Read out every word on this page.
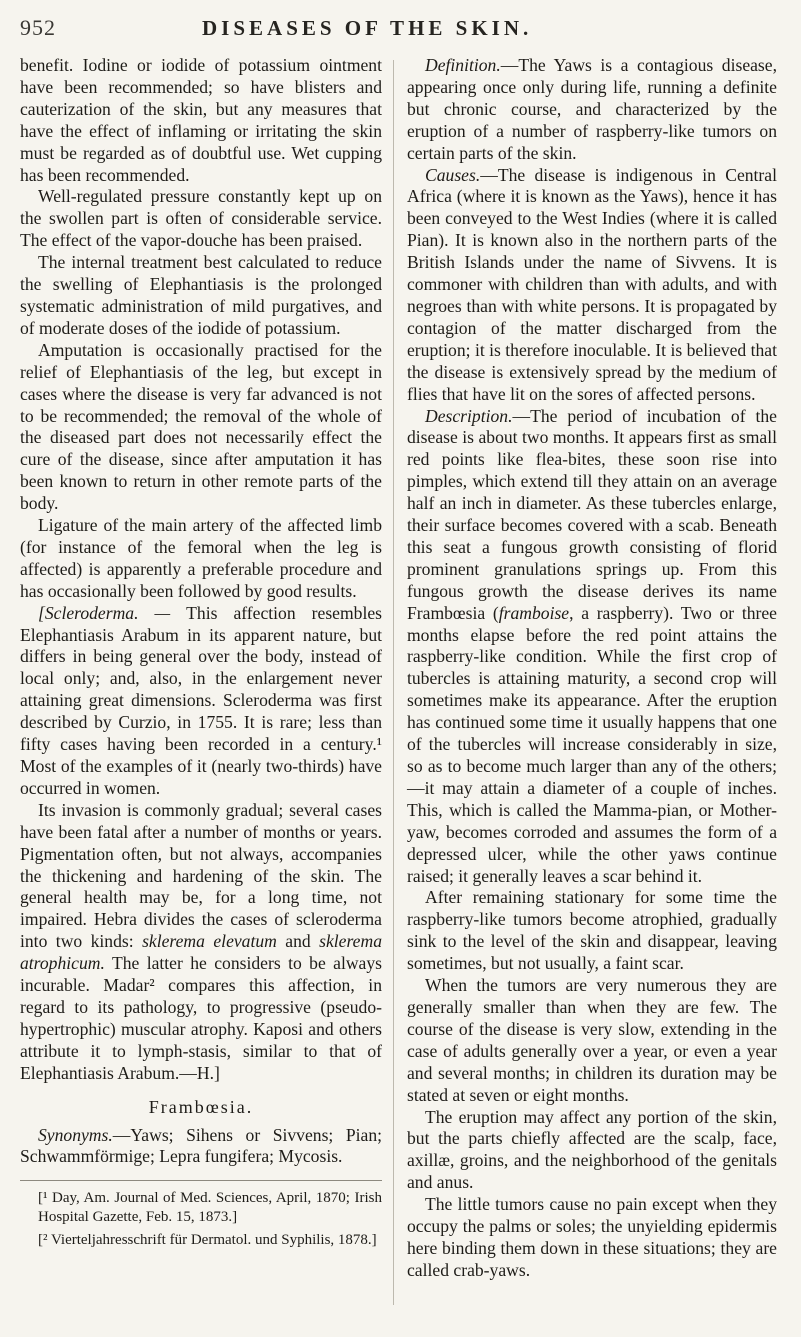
952	DISEASES OF THE SKIN.

benefit. Iodine or iodide of potassium ointment have been recommended; so have blisters and cauterization of the skin, but any measures that have the effect of inflaming or irritating the skin must be regarded as of doubtful use. Wet cupping has been recommended.

Well-regulated pressure constantly kept up on the swollen part is often of considerable service. The effect of the vapor-douche has been praised.

The internal treatment best calculated to reduce the swelling of Elephantiasis is the prolonged systematic administration of mild purgatives, and of moderate doses of the iodide of potassium.

Amputation is occasionally practised for the relief of Elephantiasis of the leg, but except in cases where the disease is very far advanced is not to be recommended; the removal of the whole of the diseased part does not necessarily effect the cure of the disease, since after amputation it has been known to return in other remote parts of the body.

Ligature of the main artery of the affected limb (for instance of the femoral when the leg is affected) is apparently a preferable procedure and has occasionally been followed by good results.

[Scleroderma. — This affection resembles Elephantiasis Arabum in its apparent nature, but differs in being general over the body, instead of local only; and, also, in the enlargement never attaining great dimensions. Scleroderma was first described by Curzio, in 1755. It is rare; less than fifty cases having been recorded in a century.¹ Most of the examples of it (nearly two-thirds) have occurred in women.

Its invasion is commonly gradual; several cases have been fatal after a number of months or years. Pigmentation often, but not always, accompanies the thickening and hardening of the skin. The general health may be, for a long time, not impaired. Hebra divides the cases of scleroderma into two kinds: sklerema elevatum and sklerema atrophicum. The latter he considers to be always incurable. Madar² compares this affection, in regard to its pathology, to progressive (pseudo-hypertrophic) muscular atrophy. Kaposi and others attribute it to lymph-stasis, similar to that of Elephantiasis Arabum.—H.]

Frambœsia.

Synonyms.—Yaws; Sihens or Sivvens; Pian; Schwammförmige; Lepra fungifera; Mycosis.

[¹ Day, Am. Journal of Med. Sciences, April, 1870; Irish Hospital Gazette, Feb. 15, 1873.]

[² Vierteljahresschrift für Dermatol. und Syphilis, 1878.]

Definition.—The Yaws is a contagious disease, appearing once only during life, running a definite but chronic course, and characterized by the eruption of a number of raspberry-like tumors on certain parts of the skin.

Causes.—The disease is indigenous in Central Africa (where it is known as the Yaws), hence it has been conveyed to the West Indies (where it is called Pian). It is known also in the northern parts of the British Islands under the name of Sivvens. It is commoner with children than with adults, and with negroes than with white persons. It is propagated by contagion of the matter discharged from the eruption; it is therefore inoculable. It is believed that the disease is extensively spread by the medium of flies that have lit on the sores of affected persons.

Description.—The period of incubation of the disease is about two months. It appears first as small red points like flea-bites, these soon rise into pimples, which extend till they attain on an average half an inch in diameter. As these tubercles enlarge, their surface becomes covered with a scab. Beneath this seat a fungous growth consisting of florid prominent granulations springs up. From this fungous growth the disease derives its name Frambœsia (framboise, a raspberry). Two or three months elapse before the red point attains the raspberry-like condition. While the first crop of tubercles is attaining maturity, a second crop will sometimes make its appearance. After the eruption has continued some time it usually happens that one of the tubercles will increase considerably in size, so as to become much larger than any of the others; —it may attain a diameter of a couple of inches. This, which is called the Mamma-pian, or Mother-yaw, becomes corroded and assumes the form of a depressed ulcer, while the other yaws continue raised; it generally leaves a scar behind it.

After remaining stationary for some time the raspberry-like tumors become atrophied, gradually sink to the level of the skin and disappear, leaving sometimes, but not usually, a faint scar.

When the tumors are very numerous they are generally smaller than when they are few. The course of the disease is very slow, extending in the case of adults generally over a year, or even a year and several months; in children its duration may be stated at seven or eight months.

The eruption may affect any portion of the skin, but the parts chiefly affected are the scalp, face, axillæ, groins, and the neighborhood of the genitals and anus.

The little tumors cause no pain except when they occupy the palms or soles; the unyielding epidermis here binding them down in these situations; they are called crab-yaws.
